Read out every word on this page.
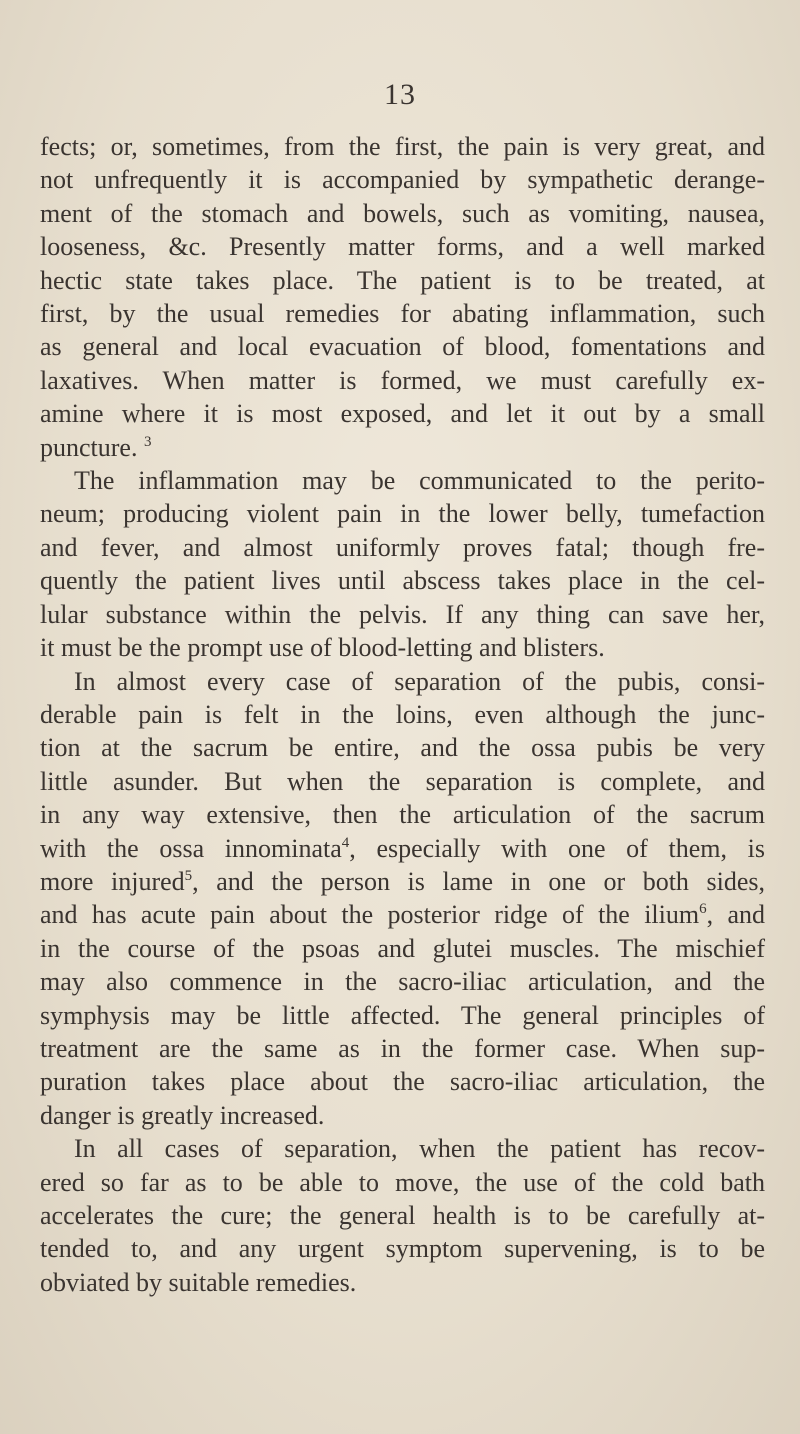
13
fects; or, sometimes, from the first, the pain is very great, and
not unfrequently it is accompanied by sympathetic derange-
ment of the stomach and bowels, such as vomiting, nausea,
looseness, &c. Presently matter forms, and a well marked
hectic state takes place. The patient is to be treated, at
first, by the usual remedies for abating inflammation, such
as general and local evacuation of blood, fomentations and
laxatives. When matter is formed, we must carefully ex-
amine where it is most exposed, and let it out by a small
puncture. $^3$
The inflammation may be communicated to the perito-
neum; producing violent pain in the lower belly, tumefaction
and fever, and almost uniformly proves fatal; though fre-
quently the patient lives until abscess takes place in the cel-
lular substance within the pelvis. If any thing can save her,
it must be the prompt use of blood-letting and blisters.
In almost every case of separation of the pubis, consi-
derable pain is felt in the loins, even although the junc-
tion at the sacrum be entire, and the ossa pubis be very
little asunder. But when the separation is complete, and
in any way extensive, then the articulation of the sacrum
with the ossa innominata$^4$, especially with one of them, is
more injured$^5$, and the person is lame in one or both sides,
and has acute pain about the posterior ridge of the ilium$^6$, and
in the course of the psoas and glutei muscles. The mischief
may also commence in the sacro-iliac articulation, and the
symphysis may be little affected. The general principles of
treatment are the same as in the former case. When sup-
puration takes place about the sacro-iliac articulation, the
danger is greatly increased.
In all cases of separation, when the patient has recov-
ered so far as to be able to move, the use of the cold bath
accelerates the cure; the general health is to be carefully at-
tended to, and any urgent symptom supervening, is to be
obviated by suitable remedies.
